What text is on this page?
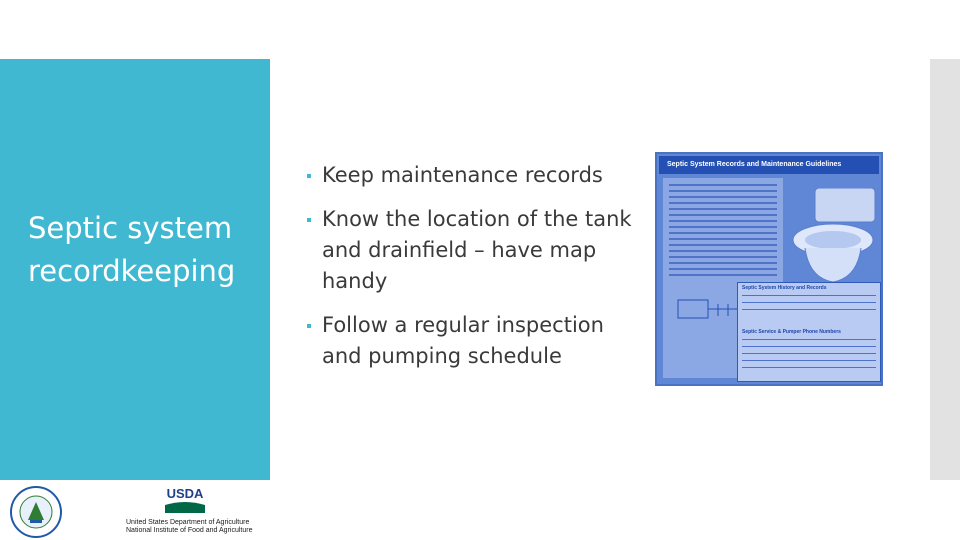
Septic system recordkeeping
Keep maintenance records
Know the location of the tank and drainfield – have map handy
Follow a regular inspection and pumping schedule
Septic System Records and Maintenance Guidelines
Septic System History and Records
Septic Service & Pumper Phone Numbers
USDA
United States Department of Agriculture
National Institute of Food and Agriculture
